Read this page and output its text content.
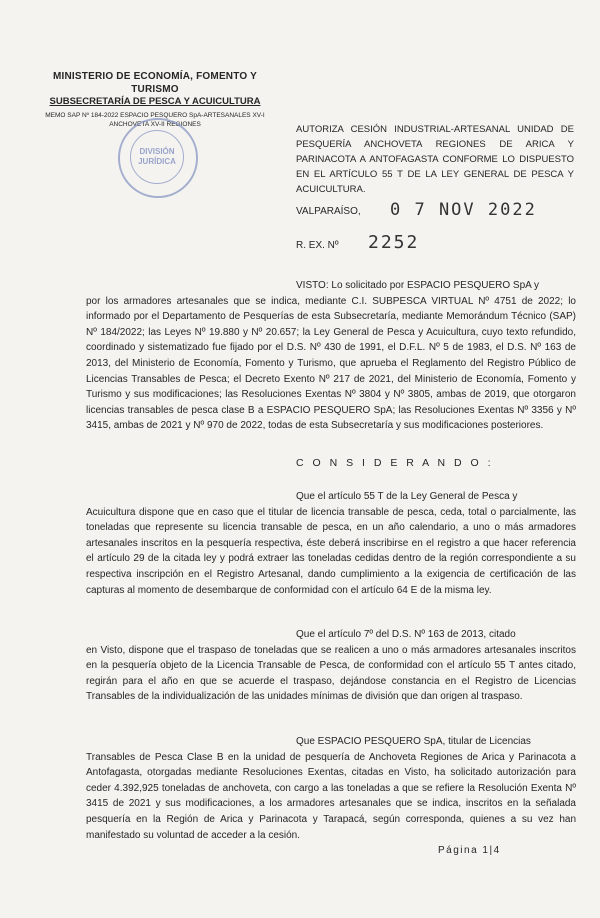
MINISTERIO DE ECONOMÍA, FOMENTO Y TURISMO
SUBSECRETARÍA DE PESCA Y ACUICULTURA
MEMO SAP Nº 184-2022 ESPACIO PESQUERO SpA-ARTESANALES XV-I
ANCHOVETA XV-II REGIONES
DIVISIÓN
JURÍDICA
AUTORIZA CESIÓN INDUSTRIAL-ARTESANAL UNIDAD DE PESQUERÍA ANCHOVETA REGIONES DE ARICA Y PARINACOTA A ANTOFAGASTA CONFORME LO DISPUESTO EN EL ARTÍCULO 55 T DE LA LEY GENERAL DE PESCA Y ACUICULTURA.
VALPARAÍSO, 0 7 NOV 2022
R. EX. Nº 2252
VISTO: Lo solicitado por ESPACIO PESQUERO SpA y
por los armadores artesanales que se indica, mediante C.I. SUBPESCA VIRTUAL Nº 4751 de 2022; lo informado por el Departamento de Pesquerías de esta Subsecretaría, mediante Memorándum Técnico (SAP) Nº 184/2022; las Leyes Nº 19.880 y Nº 20.657; la Ley General de Pesca y Acuicultura, cuyo texto refundido, coordinado y sistematizado fue fijado por el D.S. Nº 430 de 1991, el D.F.L. Nº 5 de 1983, el D.S. Nº 163 de 2013, del Ministerio de Economía, Fomento y Turismo, que aprueba el Reglamento del Registro Público de Licencias Transables de Pesca; el Decreto Exento Nº 217 de 2021, del Ministerio de Economía, Fomento y Turismo y sus modificaciones; las Resoluciones Exentas Nº 3804 y Nº 3805, ambas de 2019, que otorgaron licencias transables de pesca clase B a ESPACIO PESQUERO SpA; las Resoluciones Exentas Nº 3356 y Nº 3415, ambas de 2021 y Nº 970 de 2022, todas de esta Subsecretaría y sus modificaciones posteriores.
C O N S I D E R A N D O :
Que el artículo 55 T de la Ley General de Pesca y
Acuicultura dispone que en caso que el titular de licencia transable de pesca, ceda, total o parcialmente, las toneladas que represente su licencia transable de pesca, en un año calendario, a uno o más armadores artesanales inscritos en la pesquería respectiva, éste deberá inscribirse en el registro a que hacer referencia el artículo 29 de la citada ley y podrá extraer las toneladas cedidas dentro de la región correspondiente a su respectiva inscripción en el Registro Artesanal, dando cumplimiento a la exigencia de certificación de las capturas al momento de desembarque de conformidad con el artículo 64 E de la misma ley.
Que el artículo 7º del D.S. Nº 163 de 2013, citado
en Visto, dispone que el traspaso de toneladas que se realicen a uno o más armadores artesanales inscritos en la pesquería objeto de la Licencia Transable de Pesca, de conformidad con el artículo 55 T antes citado, regirán para el año en que se acuerde el traspaso, dejándose constancia en el Registro de Licencias Transables de la individualización de las unidades mínimas de división que dan origen al traspaso.
Que ESPACIO PESQUERO SpA, titular de Licencias
Transables de Pesca Clase B en la unidad de pesquería de Anchoveta Regiones de Arica y Parinacota a Antofagasta, otorgadas mediante Resoluciones Exentas, citadas en Visto, ha solicitado autorización para ceder 4.392,925 toneladas de anchoveta, con cargo a las toneladas a que se refiere la Resolución Exenta Nº 3415 de 2021 y sus modificaciones, a los armadores artesanales que se indica, inscritos en la señalada pesquería en la Región de Arica y Parinacota y Tarapacá, según corresponda, quienes a su vez han manifestado su voluntad de acceder a la cesión.
Página 1|4
